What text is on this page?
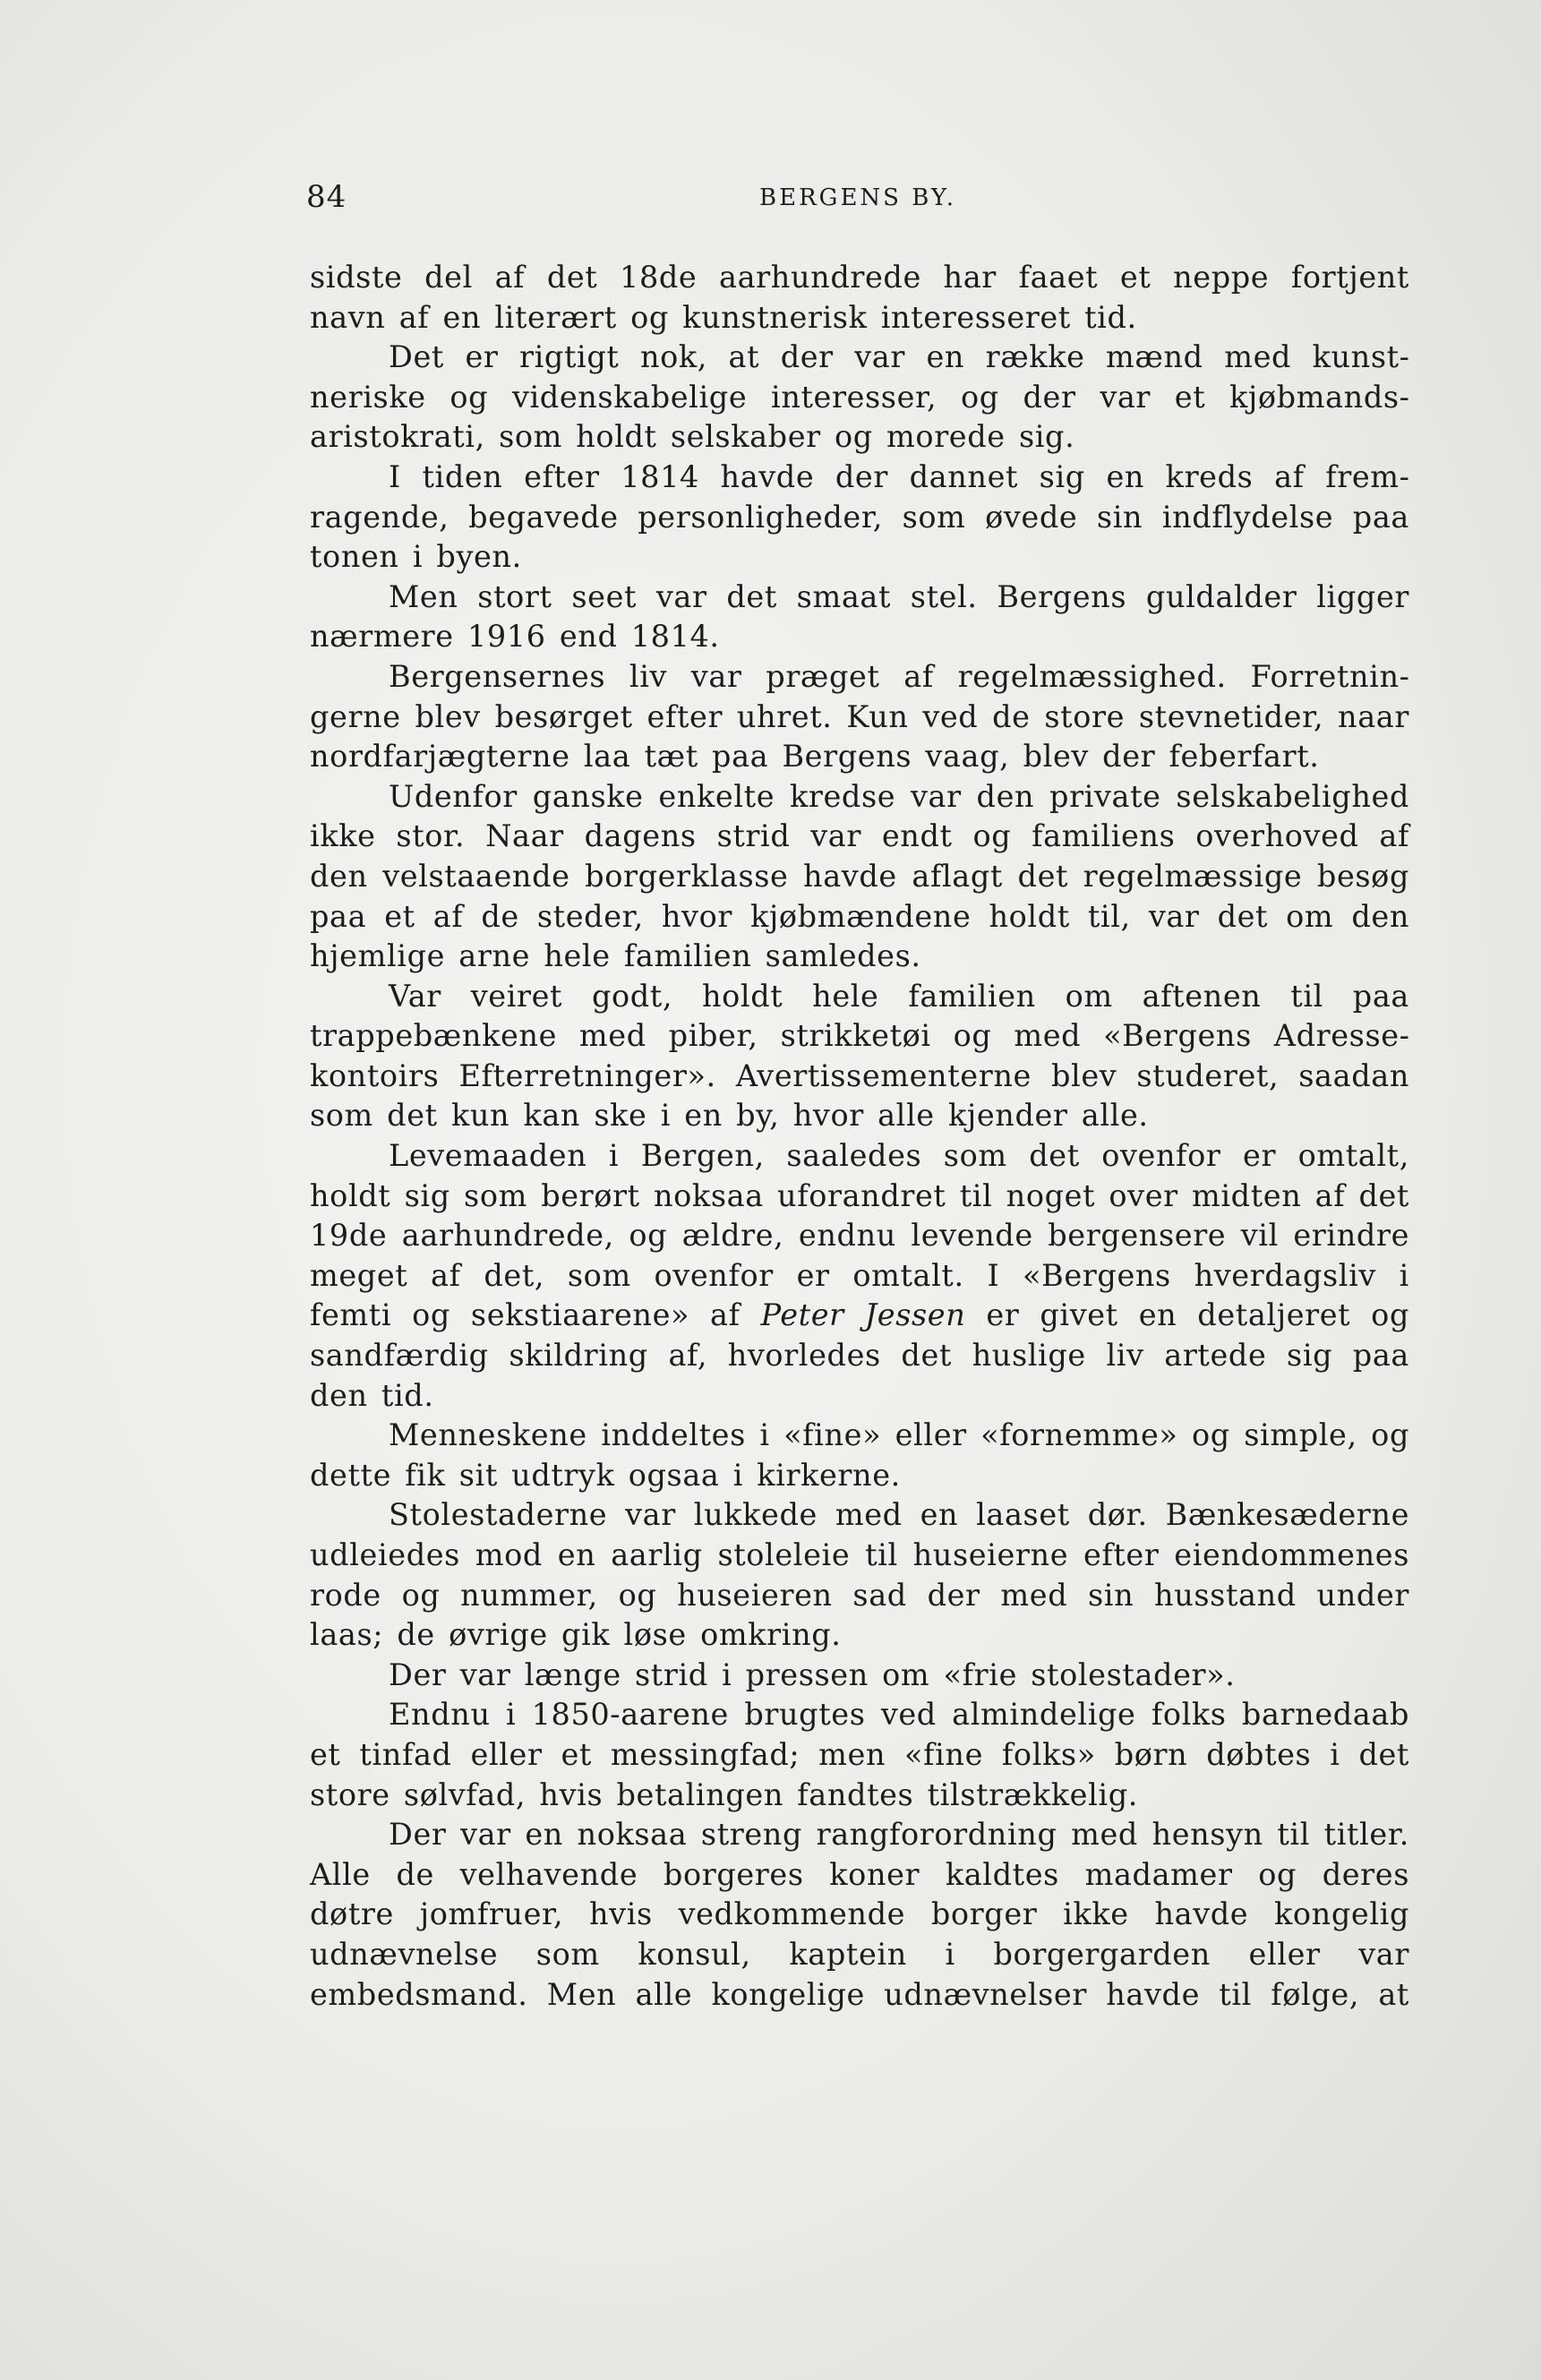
84	BERGENS BY.

sidste del af det 18de aarhundrede har faaet et neppe fortjent navn af en literært og kunstnerisk interesseret tid.

Det er rigtigt nok, at der var en række mænd med kunstneriske og videnskabelige interesser, og der var et kjøbmandsaristokrati, som holdt selskaber og morede sig.

I tiden efter 1814 havde der dannet sig en kreds af fremragende, begavede personligheder, som øvede sin indflydelse paa tonen i byen.

Men stort seet var det smaat stel. Bergens guldalder ligger nærmere 1916 end 1814.

Bergensernes liv var præget af regelmæssighed. Forretningerne blev besørget efter uhret. Kun ved de store stevnetider, naar nordfarjægterne laa tæt paa Bergens vaag, blev der feberfart.

Udenfor ganske enkelte kredse var den private selskabelighed ikke stor. Naar dagens strid var endt og familiens overhoved af den velstaaende borgerklasse havde aflagt det regelmæssige besøg paa et af de steder, hvor kjøbmændene holdt til, var det om den hjemlige arne hele familien samledes.

Var veiret godt, holdt hele familien om aftenen til paa trappebænkene med piber, strikketøi og med «Bergens Adressekontoirs Efterretninger». Avertissementerne blev studeret, saadan som det kun kan ske i en by, hvor alle kjender alle.

Levemaaden i Bergen, saaledes som det ovenfor er omtalt, holdt sig som berørt noksaa uforandret til noget over midten af det 19de aarhundrede, og ældre, endnu levende bergensere vil erindre meget af det, som ovenfor er omtalt. I «Bergens hverdagsliv i femti og sekstiaarene» af Peter Jessen er givet en detaljeret og sandfærdig skildring af, hvorledes det huslige liv artede sig paa den tid.

Menneskene inddeltes i «fine» eller «fornemme» og simple, og dette fik sit udtryk ogsaa i kirkerne.

Stolestaderne var lukkede med en laaset dør. Bænkesæderne udleiedes mod en aarlig stoleleie til huseierne efter eiendommenes rode og nummer, og huseieren sad der med sin husstand under laas; de øvrige gik løse omkring.

Der var længe strid i pressen om «frie stolestader».

Endnu i 1850-aarene brugtes ved almindelige folks barnedaab et tinfad eller et messingfad; men «fine folks» børn døbtes i det store sølvfad, hvis betalingen fandtes tilstrækkelig.

Der var en noksaa streng rangforordning med hensyn til titler. Alle de velhavende borgeres koner kaldtes madamer og deres døtre jomfruer, hvis vedkommende borger ikke havde kongelig udnævnelse som konsul, kaptein i borgergarden eller var embedsmand. Men alle kongelige udnævnelser havde til følge, at
